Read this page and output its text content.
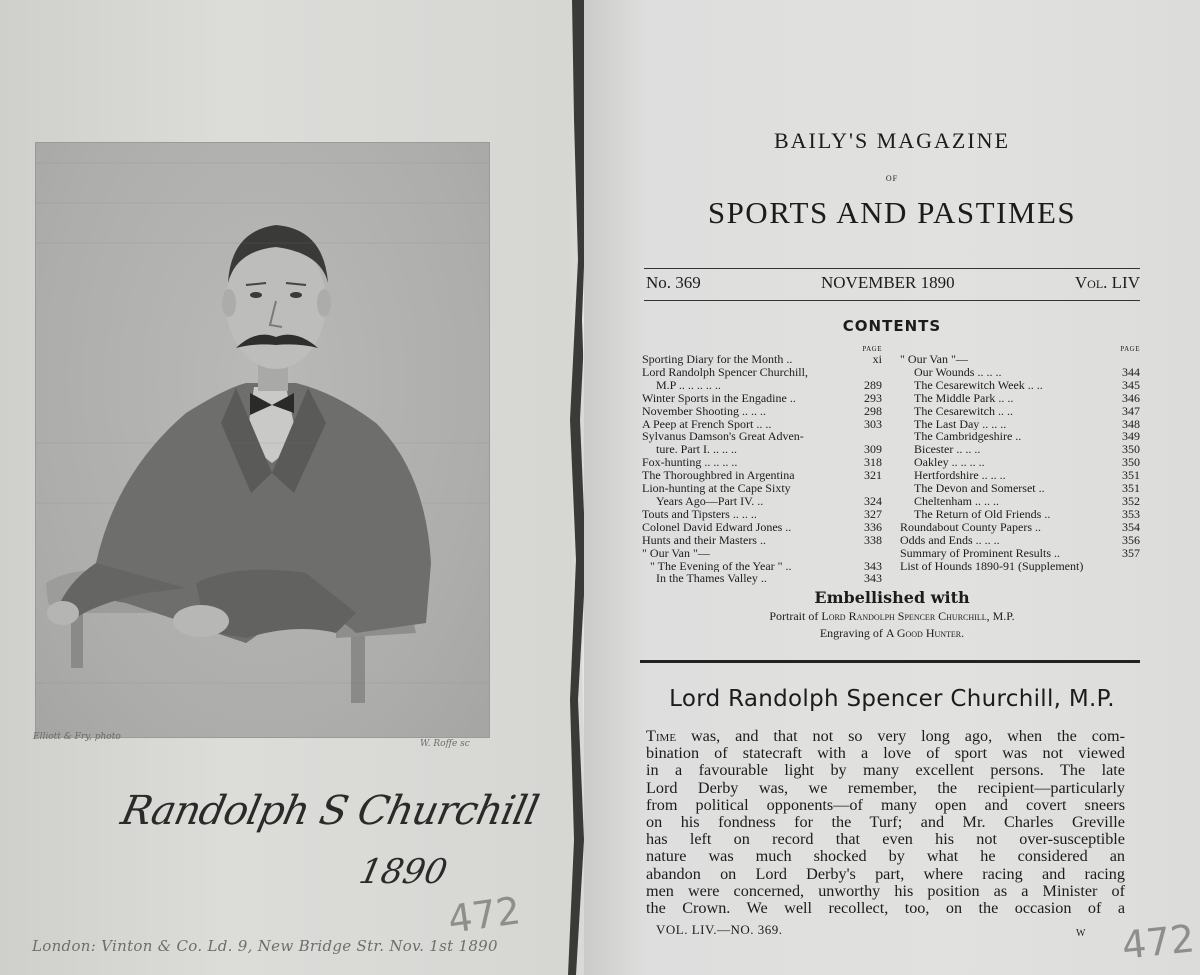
Elliott & Fry, photo
W. Roffe sc
Randolph S Churchill
1890
472
London: Vinton & Co. Ld. 9, New Bridge Str. Nov. 1st 1890
BAILY'S MAGAZINE
OF
SPORTS AND PASTIMES
No. 369	NOVEMBER 1890	Vol. LIV
CONTENTS
PAGE
Sporting Diary for the Month ..	xi
Lord Randolph Spencer Churchill,
M.P .. .. .. .. ..	289
Winter Sports in the Engadine ..	293
November Shooting .. .. ..	298
A Peep at French Sport .. ..	303
Sylvanus Damson's Great Adven-
ture. Part I. .. .. ..	309
Fox-hunting .. .. .. ..	318
The Thoroughbred in Argentina	321
Lion-hunting at the Cape Sixty
Years Ago—Part IV. ..	324
Touts and Tipsters .. .. ..	327
Colonel David Edward Jones ..	336
Hunts and their Masters ..	338
" Our Van "—
" The Evening of the Year " ..	343
In the Thames Valley ..	343
PAGE
" Our Van "—
Our Wounds .. .. ..	344
The Cesarewitch Week .. ..	345
The Middle Park .. ..	346
The Cesarewitch .. ..	347
The Last Day .. .. ..	348
The Cambridgeshire ..	349
Bicester .. .. ..	350
Oakley .. .. .. ..	350
Hertfordshire .. .. ..	351
The Devon and Somerset ..	351
Cheltenham .. .. ..	352
The Return of Old Friends ..	353
Roundabout County Papers ..	354
Odds and Ends .. .. ..	356
Summary of Prominent Results ..	357
List of Hounds 1890-91 (Supplement)
Embellished with
Portrait of Lord Randolph Spencer Churchill, M.P.
Engraving of A Good Hunter.
Lord Randolph Spencer Churchill, M.P.
Time was, and that not so very long ago, when the com-
bination of statecraft with a love of sport was not viewed
in a favourable light by many excellent persons. The late
Lord Derby was, we remember, the recipient—particularly
from political opponents—of many open and covert sneers
on his fondness for the Turf; and Mr. Charles Greville
has left on record that even his not over-susceptible
nature was much shocked by what he considered an
abandon on Lord Derby's part, where racing and racing
men were concerned, unworthy his position as a Minister of
the Crown. We well recollect, too, on the occasion of a
VOL. LIV.—NO. 369.	W 472
